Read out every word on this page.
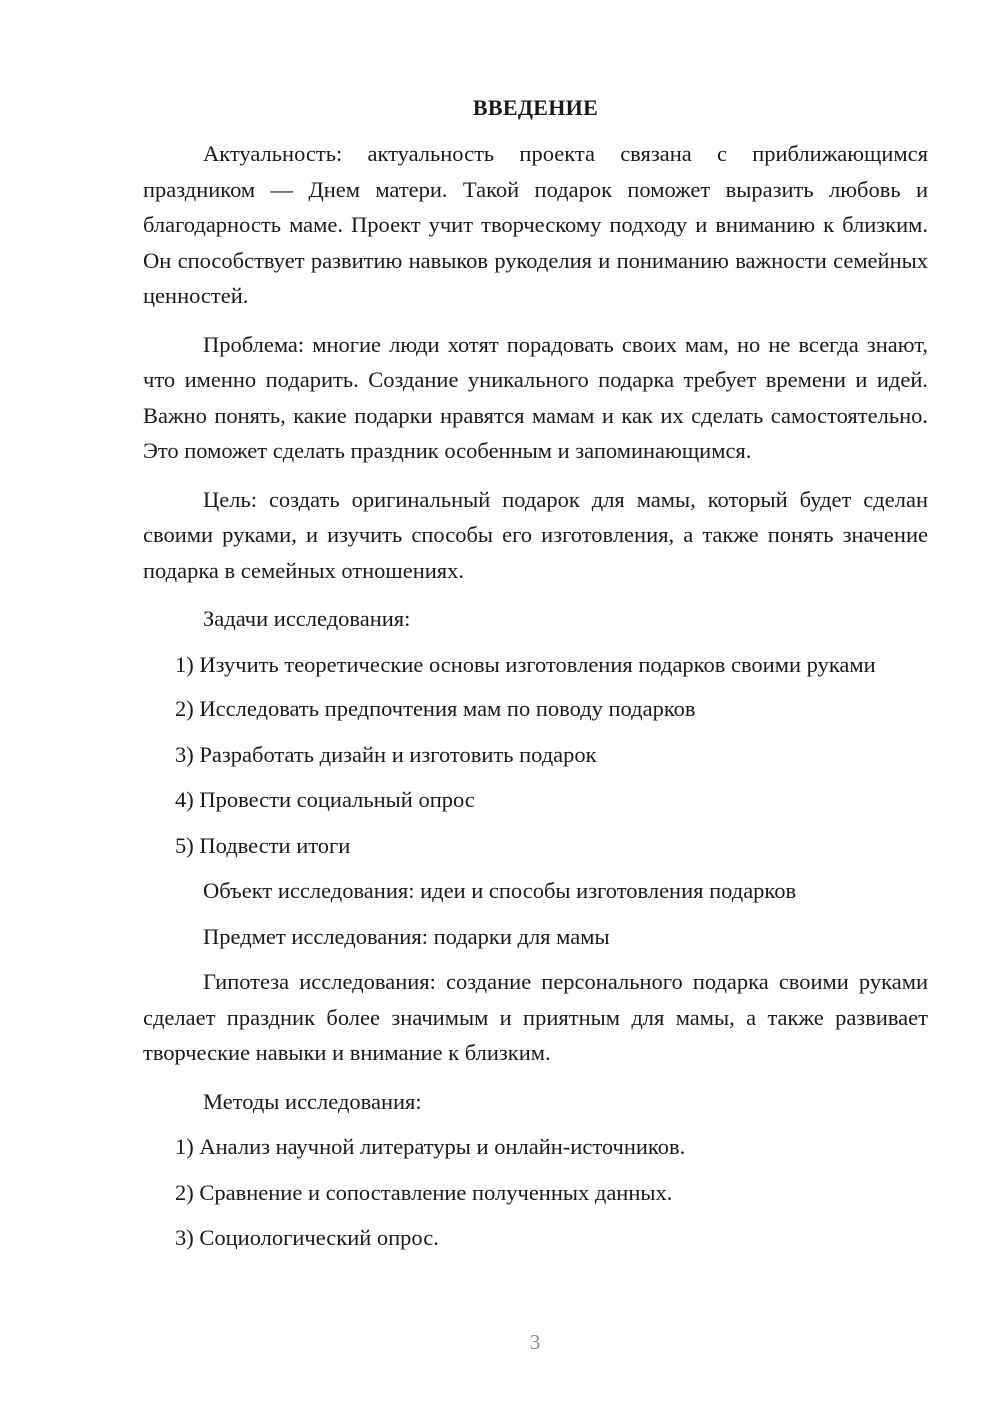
ВВЕДЕНИЕ

Актуальность: актуальность проекта связана с приближающимся праздником — Днем матери. Такой подарок поможет выразить любовь и благодарность маме. Проект учит творческому подходу и вниманию к близким. Он способствует развитию навыков рукоделия и пониманию важности семейных ценностей.

Проблема: многие люди хотят порадовать своих мам, но не всегда знают, что именно подарить. Создание уникального подарка требует времени и идей. Важно понять, какие подарки нравятся мамам и как их сделать самостоятельно. Это поможет сделать праздник особенным и запоминающимся.

Цель: создать оригинальный подарок для мамы, который будет сделан своими руками, и изучить способы его изготовления, а также понять значение подарка в семейных отношениях.

Задачи исследования:
1) Изучить теоретические основы изготовления подарков своими руками
2) Исследовать предпочтения мам по поводу подарков
3) Разработать дизайн и изготовить подарок
4) Провести социальный опрос
5) Подвести итоги
Объект исследования: идеи и способы изготовления подарков
Предмет исследования: подарки для мамы

Гипотеза исследования: создание персонального подарка своими руками сделает праздник более значимым и приятным для мамы, а также развивает творческие навыки и внимание к близким.

Методы исследования:
1) Анализ научной литературы и онлайн-источников.
2) Сравнение и сопоставление полученных данных.
3) Социологический опрос.
3
